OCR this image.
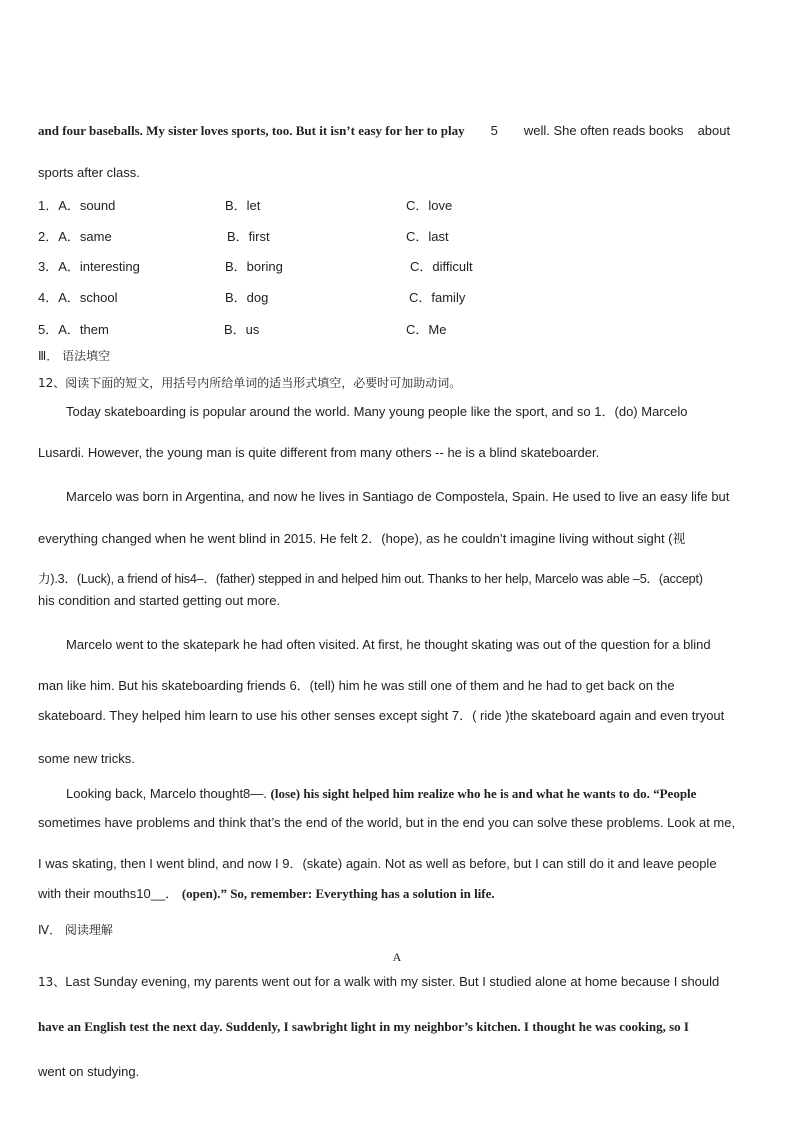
and four baseballs. My sister loves sports, too. But it isn’t easy for her to play 5 well. She often reads books about
sports after class.
1．A．sound	B．let	C．love
2．A．same	B．first	C．last
3．A．interesting	B．boring	C．difficult
4．A．school	B．dog	C．family
5．A．them	B．us	C．Me
Ⅲ． 语法填空
12、阅读下面的短文，用括号内所给单词的适当形式填空，必要时可加助动词。
Today skateboarding is popular around the world. Many young people like the sport, and so 1．(do) Marcelo
Lusardi. However, the young man is quite different from many others -- he is a blind skateboarder.
Marcelo was born in Argentina, and now he lives in Santiago de Compostela, Spain. He used to live an easy life but
everything changed when he went blind in 2015. He felt 2．(hope), as he couldn’t imagine living without sight (视
力).3．(Luck), a friend of his4–．(father) stepped in and helped him out. Thanks to her help, Marcelo was able –5．(accept)
his condition and started getting out more.
Marcelo went to the skatepark he had often visited. At first, he thought skating was out of the question for a blind
man like him. But his skateboarding friends 6．(tell) him he was still one of them and he had to get back on the
skateboard. They helped him learn to use his other senses except sight 7．( ride )the skateboard again and even tryout
some new tricks.
Looking back, Marcelo thought8—. (lose) his sight helped him realize who he is and what he wants to do. “People
sometimes have problems and think that’s the end of the world, but in the end you can solve these problems. Look at me,
I was skating, then I went blind, and now I 9．(skate) again. Not as well as before, but I can still do it and leave people
with their mouths10__． (open).” So, remember: Everything has a solution in life.
Ⅳ． 阅读理解
A
13、Last Sunday evening, my parents went out for a walk with my sister. But I studied alone at home because I should
have an English test the next day. Suddenly, I sawbright light in my neighbor’s kitchen. I thought he was cooking, so I
went on studying.
